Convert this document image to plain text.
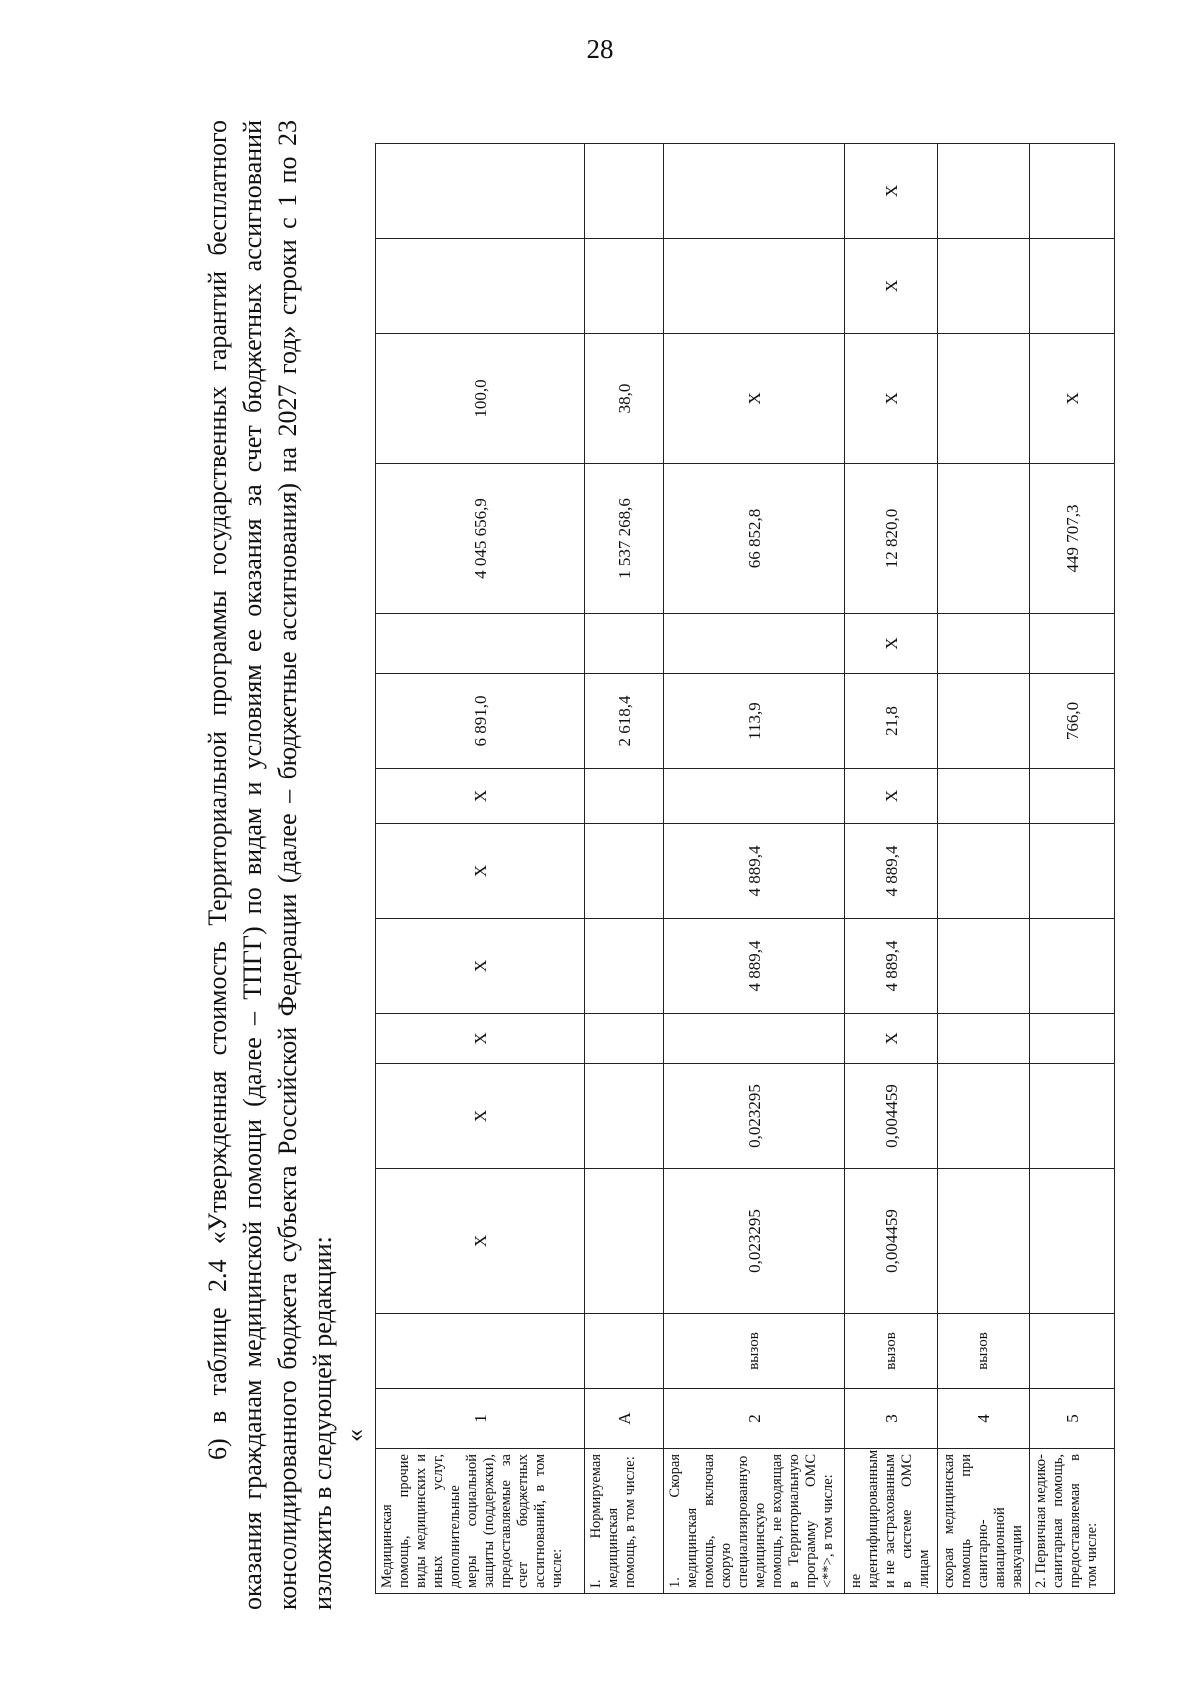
28
6) в таблице 2.4 «Утвержденная стоимость Территориальной программы государственных гарантий бесплатного оказания гражданам медицинской помощи (далее – ТПГГ) по видам и условиям ее оказания за счет бюджетных ассигнований консолидированного бюджета субъекта Российской Федерации (далее – бюджетные ассигнования) на 2027 год» строки с 1 по 23 изложить в следующей редакции: «
Медицинская помощь, прочие виды медицинских и иных услуг, дополнительные меры социальной защиты (поддержки), предоставляемые за счет бюджетных ассигнований, в том числе:	1		X	X	X	X	X	X	6 891,0		4 045 656,9	100,0		
I. Нормируемая медицинская помощь, в том числе:	А								2 618,4		1 537 268,6	38,0		
1. Скорая медицинская помощь, включая скорую специализированную медицинскую помощь, не входящая в Территориальную программу ОМС <**>, в том числе:	2	вызов	0,023295	0,023295		4 889,4	4 889,4		113,9		66 852,8	X		
не идентифицированным и не застрахованным в системе ОМС лицам	3	вызов	0,004459	0,004459	X	4 889,4	4 889,4	X	21,8	X	12 820,0	X	X	X
скорая медицинская помощь при санитарно-авиационной эвакуации	4	вызов												
2. Первичная медико-санитарная помощь, предоставляемая в том числе:	5								766,0		449 707,3	X		
